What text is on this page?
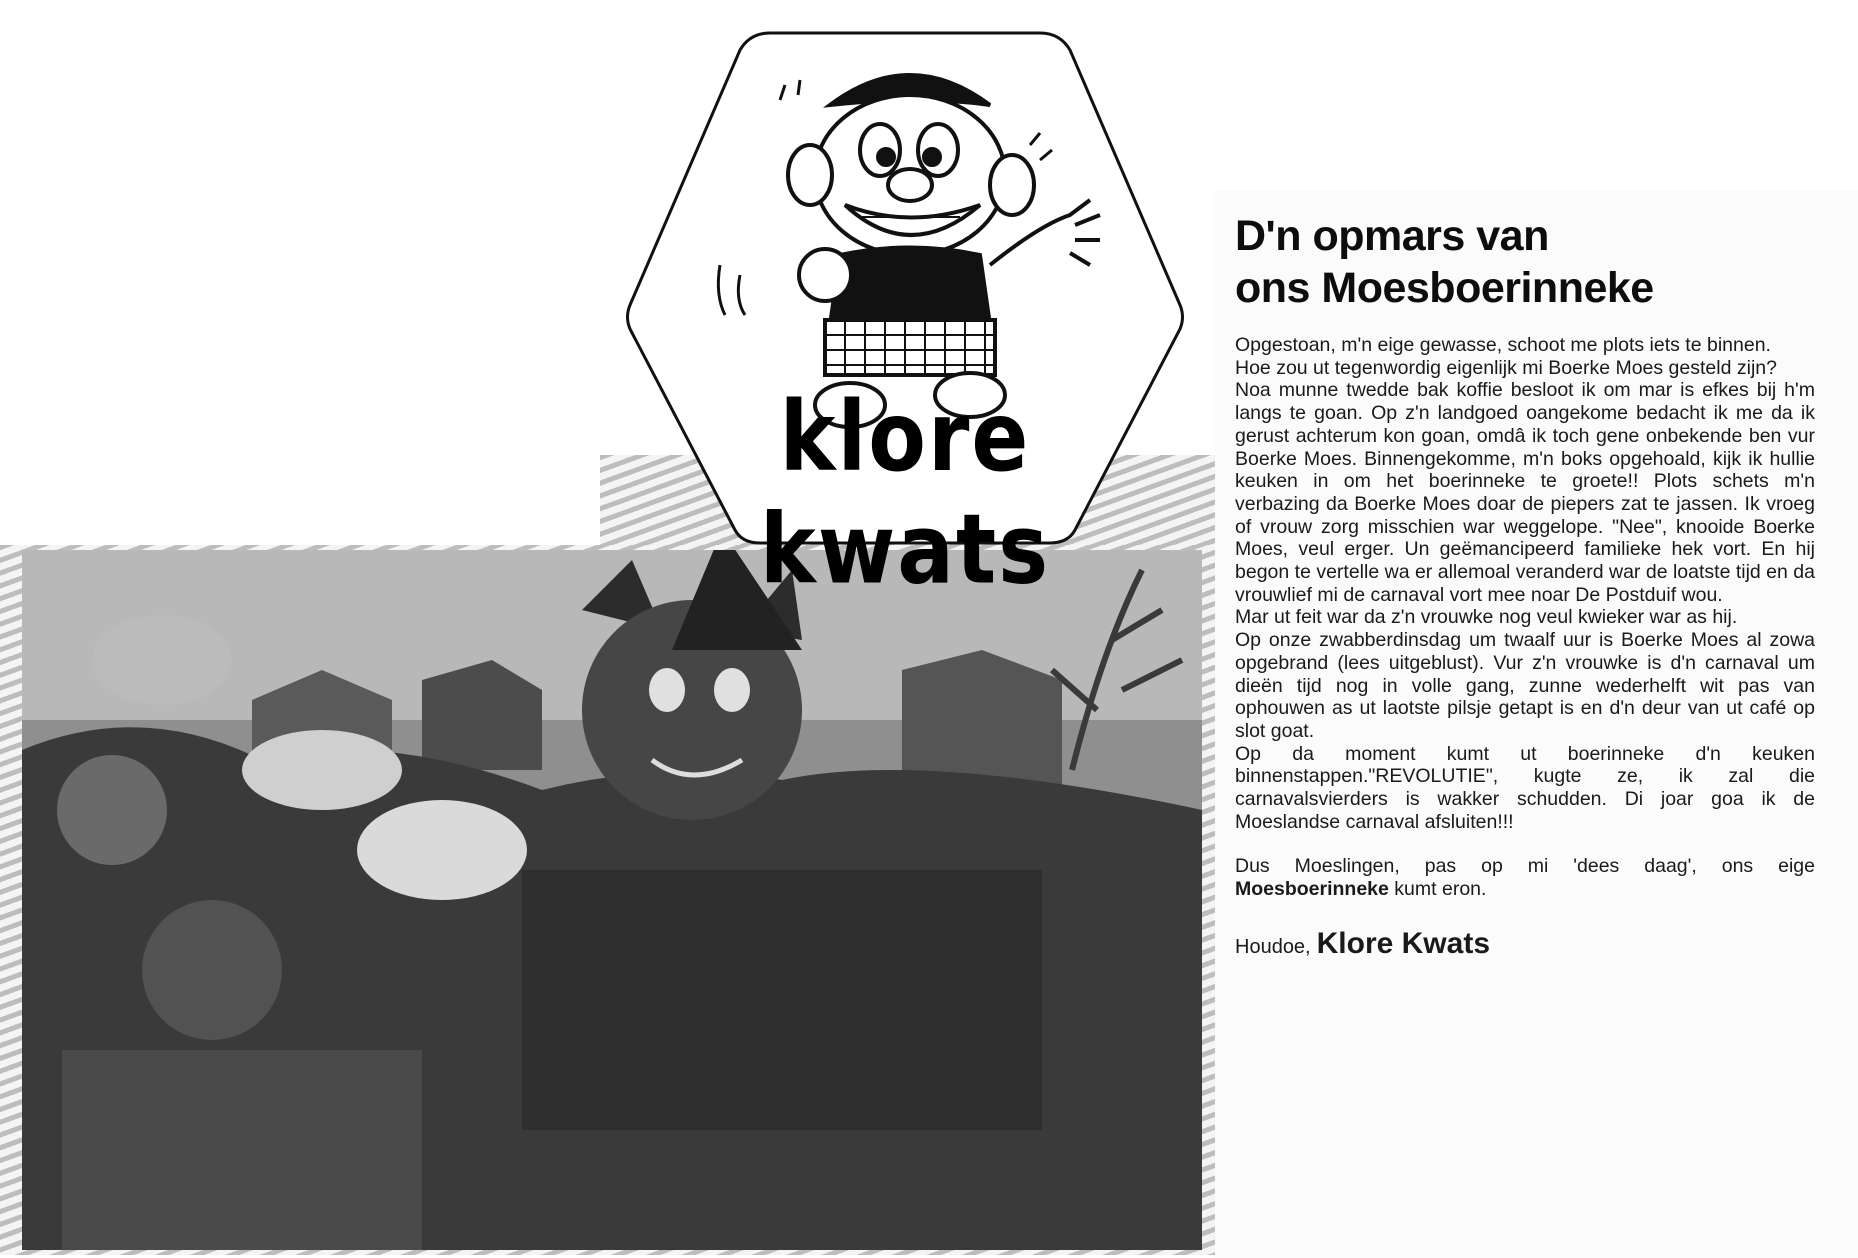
klore kwats
D'n opmars van
ons Moesboerinneke

Opgestoan, m'n eige gewasse, schoot me plots iets te binnen.

Hoe zou ut tegenwordig eigenlijk mi Boerke Moes gesteld zijn?

Noa munne twedde bak koffie besloot ik om mar is efkes bij h'm langs te goan. Op z'n landgoed oangekome bedacht ik me da ik gerust achterum kon goan, omdâ ik toch gene onbekende ben vur Boerke Moes. Binnengekomme, m'n boks opgehoald, kijk ik hullie keuken in om het boerinneke te groete!! Plots schets m'n verbazing da Boerke Moes doar de piepers zat te jassen. Ik vroeg of vrouw zorg misschien war weggelope. "Nee", knooide Boerke Moes, veul erger. Un geëmancipeerd familieke hek vort. En hij begon te vertelle wa er allemoal veranderd war de loatste tijd en da vrouwlief mi de carnaval vort mee noar De Postduif wou.

Mar ut feit war da z'n vrouwke nog veul kwieker war as hij.

Op onze zwabberdinsdag um twaalf uur is Boerke Moes al zowa opgebrand (lees uitgeblust). Vur z'n vrouwke is d'n carnaval um dieën tijd nog in volle gang, zunne wederhelft wit pas van ophouwen as ut laotste pilsje getapt is en d'n deur van ut café op slot goat.

Op da moment kumt ut boerinneke d'n keuken binnenstappen."REVOLUTIE", kugte ze, ik zal die carnavalsvierders is wakker schudden. Di joar goa ik de Moeslandse carnaval afsluiten!!!

Dus Moeslingen, pas op mi 'dees daag', ons eige Moesboerinneke kumt eron.

Houdoe, Klore Kwats
